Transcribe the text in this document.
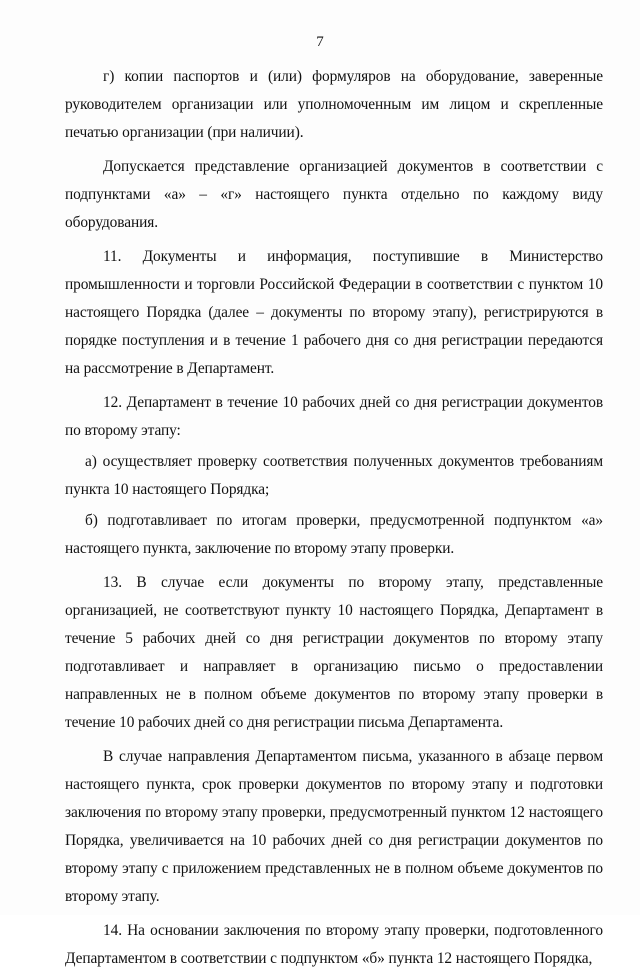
7

г) копии паспортов и (или) формуляров на оборудование, заверенные руководителем организации или уполномоченным им лицом и скрепленные печатью организации (при наличии).

Допускается представление организацией документов в соответствии с подпунктами «а» – «г» настоящего пункта отдельно по каждому виду оборудования.

11. Документы и информация, поступившие в Министерство промышленности и торговли Российской Федерации в соответствии с пунктом 10 настоящего Порядка (далее – документы по второму этапу), регистрируются в порядке поступления и в течение 1 рабочего дня со дня регистрации передаются на рассмотрение в Департамент.

12. Департамент в течение 10 рабочих дней со дня регистрации документов по второму этапу:

а) осуществляет проверку соответствия полученных документов требованиям пункта 10 настоящего Порядка;

б) подготавливает по итогам проверки, предусмотренной подпунктом «а» настоящего пункта, заключение по второму этапу проверки.

13. В случае если документы по второму этапу, представленные организацией, не соответствуют пункту 10 настоящего Порядка, Департамент в течение 5 рабочих дней со дня регистрации документов по второму этапу подготавливает и направляет в организацию письмо о предоставлении направленных не в полном объеме документов по второму этапу проверки в течение 10 рабочих дней со дня регистрации письма Департамента.

В случае направления Департаментом письма, указанного в абзаце первом настоящего пункта, срок проверки документов по второму этапу и подготовки заключения по второму этапу проверки, предусмотренный пунктом 12 настоящего Порядка, увеличивается на 10 рабочих дней со дня регистрации документов по второму этапу с приложением представленных не в полном объеме документов по второму этапу.

14. На основании заключения по второму этапу проверки, подготовленного Департаментом в соответствии с подпунктом «б» пункта 12 настоящего Порядка,
